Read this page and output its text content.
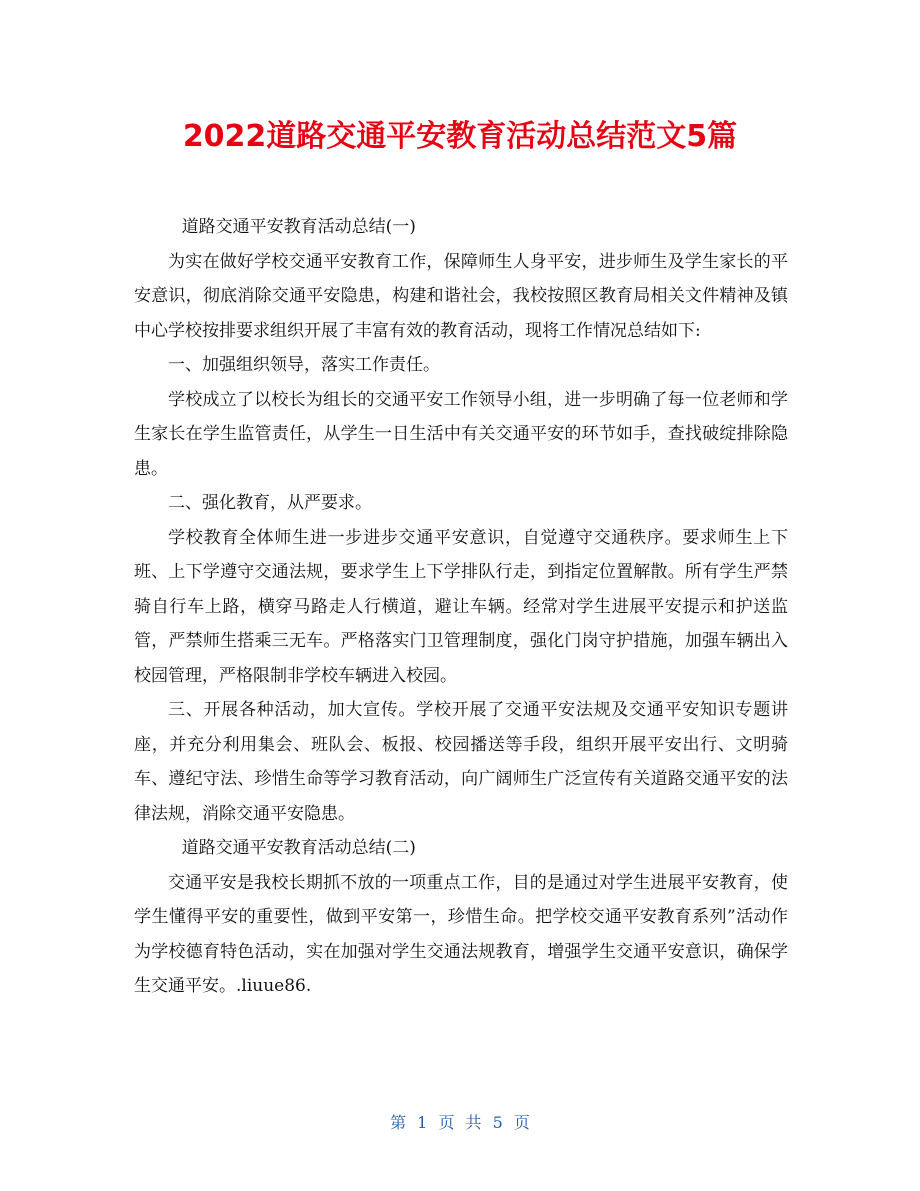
2022道路交通平安教育活动总结范文5篇

道路交通平安教育活动总结(一)

为实在做好学校交通平安教育工作，保障师生人身平安，进步师生及学生家长的平安意识，彻底消除交通平安隐患，构建和谐社会，我校按照区教育局相关文件精神及镇中心学校按排要求组织开展了丰富有效的教育活动，现将工作情况总结如下:

一、加强组织领导，落实工作责任。

学校成立了以校长为组长的交通平安工作领导小组，进一步明确了每一位老师和学生家长在学生监管责任，从学生一日生活中有关交通平安的环节如手，查找破绽排除隐患。

二、强化教育，从严要求。

学校教育全体师生进一步进步交通平安意识，自觉遵守交通秩序。要求师生上下班、上下学遵守交通法规，要求学生上下学排队行走，到指定位置解散。所有学生严禁骑自行车上路，横穿马路走人行横道，避让车辆。经常对学生进展平安提示和护送监管，严禁师生搭乘三无车。严格落实门卫管理制度，强化门岗守护措施，加强车辆出入校园管理，严格限制非学校车辆进入校园。

三、开展各种活动，加大宣传。学校开展了交通平安法规及交通平安知识专题讲座，并充分利用集会、班队会、板报、校园播送等手段，组织开展平安出行、文明骑车、遵纪守法、珍惜生命等学习教育活动，向广阔师生广泛宣传有关道路交通平安的法律法规，消除交通平安隐患。

道路交通平安教育活动总结(二)

交通平安是我校长期抓不放的一项重点工作，目的是通过对学生进展平安教育，使学生懂得平安的重要性，做到平安第一，珍惜生命。把学校交通平安教育系列”活动作为学校德育特色活动，实在加强对学生交通法规教育，增强学生交通平安意识，确保学生交通平安。.liuue86.

第 1 页 共 5 页
